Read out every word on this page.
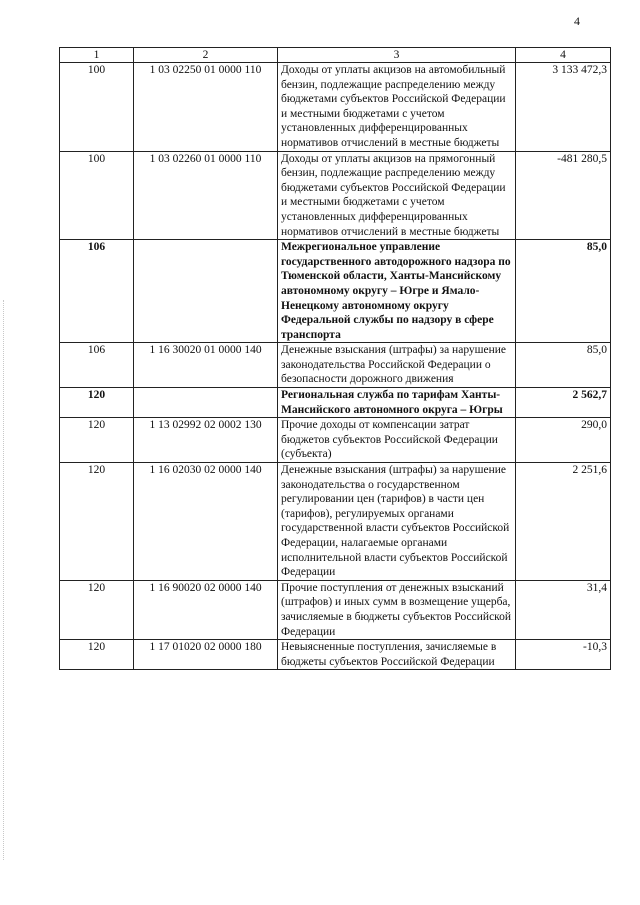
4
1	2	3	4
100	1 03 02250 01 0000 110	Доходы от уплаты акцизов на автомобильный бензин, подлежащие распределению между бюджетами субъектов Российской Федерации и местными бюджетами с учетом установленных дифференцированных нормативов отчислений в местные бюджеты	3 133 472,3
100	1 03 02260 01 0000 110	Доходы от уплаты акцизов на прямогонный бензин, подлежащие распределению между бюджетами субъектов Российской Федерации и местными бюджетами с учетом установленных дифференцированных нормативов отчислений в местные бюджеты	-481 280,5
106		Межрегиональное управление государственного автодорожного надзора по Тюменской области, Ханты-Мансийскому автономному округу – Югре и Ямало-Ненецкому автономному округу Федеральной службы по надзору в сфере транспорта	85,0
106	1 16 30020 01 0000 140	Денежные взыскания (штрафы) за нарушение законодательства Российской Федерации о безопасности дорожного движения	85,0
120		Региональная служба по тарифам Ханты-Мансийского автономного округа – Югры	2 562,7
120	1 13 02992 02 0002 130	Прочие доходы от компенсации затрат бюджетов субъектов Российской Федерации (субъекта)	290,0
120	1 16 02030 02 0000 140	Денежные взыскания (штрафы) за нарушение законодательства о государственном регулировании цен (тарифов) в части цен (тарифов), регулируемых органами государственной власти субъектов Российской Федерации, налагаемые органами исполнительной власти субъектов Российской Федерации	2 251,6
120	1 16 90020 02 0000 140	Прочие поступления от денежных взысканий (штрафов) и иных сумм в возмещение ущерба, зачисляемые в бюджеты субъектов Российской Федерации	31,4
120	1 17 01020 02 0000 180	Невыясненные поступления, зачисляемые в бюджеты субъектов Российской Федерации	-10,3
